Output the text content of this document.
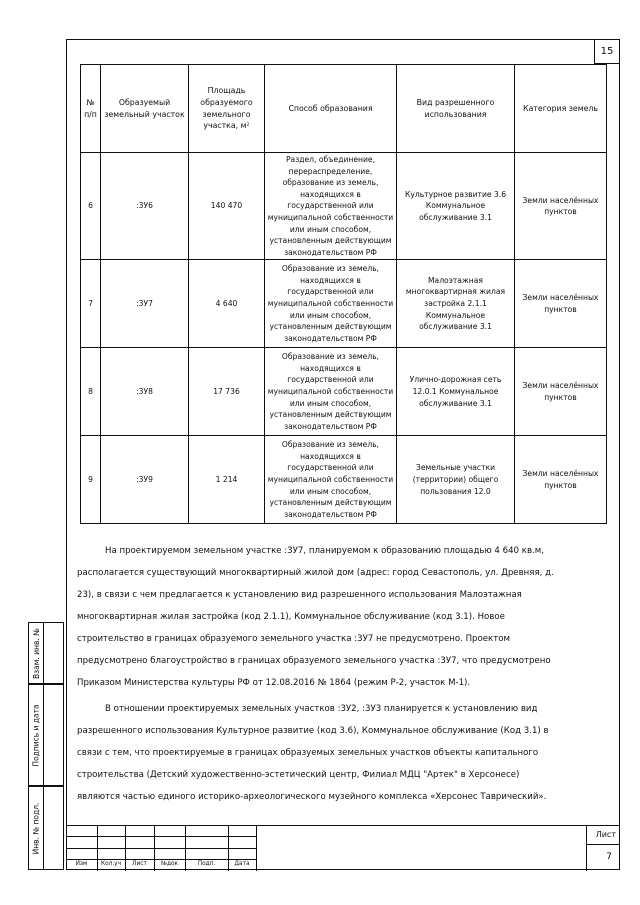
15
№ п/п	Образуемый земельный участок	Площадь образуемого земельного участка, м²	Способ образования	Вид разрешенного использования	Категория земель
6	:3У6	140 470	Раздел, объединение, перераспределение, образование из земель, находящихся в государственной или муниципальной собственности или иным способом, установленным действующим законодательством РФ	Культурное развитие 3.6 Коммунальное обслуживание 3.1	Земли населённых пунктов
7	:3У7	4 640	Образование из земель, находящихся в государственной или муниципальной собственности или иным способом, установленным действующим законодательством РФ	Малоэтажная многоквартирная жилая застройка 2.1.1 Коммунальное обслуживание 3.1	Земли населённых пунктов
8	:3У8	17 736	Образование из земель, находящихся в государственной или муниципальной собственности или иным способом, установленным действующим законодательством РФ	Улично-дорожная сеть 12.0.1 Коммунальное обслуживание 3.1	Земли населённых пунктов
9	:3У9	1 214	Образование из земель, находящихся в государственной или муниципальной собственности или иным способом, установленным действующим законодательством РФ	Земельные участки (территории) общего пользования 12.0	Земли населённых пунктов
На проектируемом земельном участке :3У7, планируемом к образованию площадью 4 640 кв.м,
располагается существующий многоквартирный жилой дом (адрес: город Севастополь, ул. Древняя, д.
23), в связи с чем предлагается к установлению вид разрешенного использования Малоэтажная
многоквартирная жилая застройка (код 2.1.1), Коммунальное обслуживание (код 3.1). Новое
строительство в границах образуемого земельного участка :3У7 не предусмотрено. Проектом
предусмотрено благоустройство в границах образуемого земельного участка :3У7, что предусмотрено
Приказом Министерства культуры РФ от 12.08.2016 № 1864 (режим Р-2, участок М-1).
В отношении проектируемых земельных участков :3У2, :3У3 планируется к установлению вид
разрешенного использования Культурное развитие (код 3.6), Коммунальное обслуживание (Код 3.1) в
связи с тем, что проектируемые в границах образуемых земельных участков объекты капитального
строительства (Детский художественно-эстетический центр, Филиал МДЦ "Артек" в Херсонесе)
являются частью единого историко-археологического музейного комплекса «Херсонес Таврический».
Взам. инв. №
Подпись и дата
Инв. № подл.
Изм	Кол.уч	Лист	№док	Подп.	Дата
Лист
7
